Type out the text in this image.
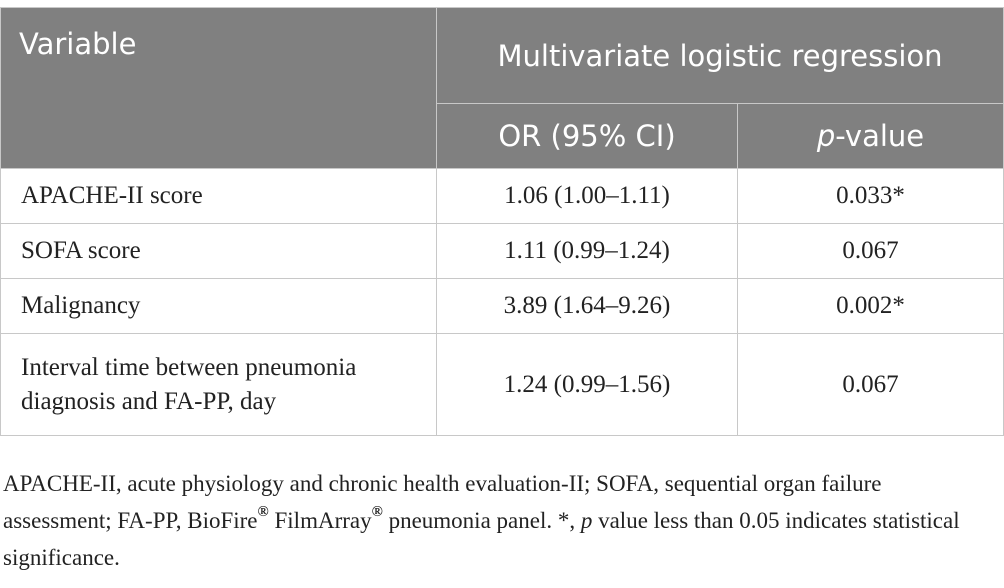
Variable	Multivariate logistic regression	
	OR (95% CI)	p-value
APACHE-II score	1.06 (1.00–1.11)	0.033*
SOFA score	1.11 (0.99–1.24)	0.067
Malignancy	3.89 (1.64–9.26)	0.002*
Interval time between pneumonia diagnosis and FA-PP, day	1.24 (0.99–1.56)	0.067
APACHE-II, acute physiology and chronic health evaluation-II; SOFA, sequential organ failure assessment; FA-PP, BioFire® FilmArray® pneumonia panel. *, p value less than 0.05 indicates statistical significance.
